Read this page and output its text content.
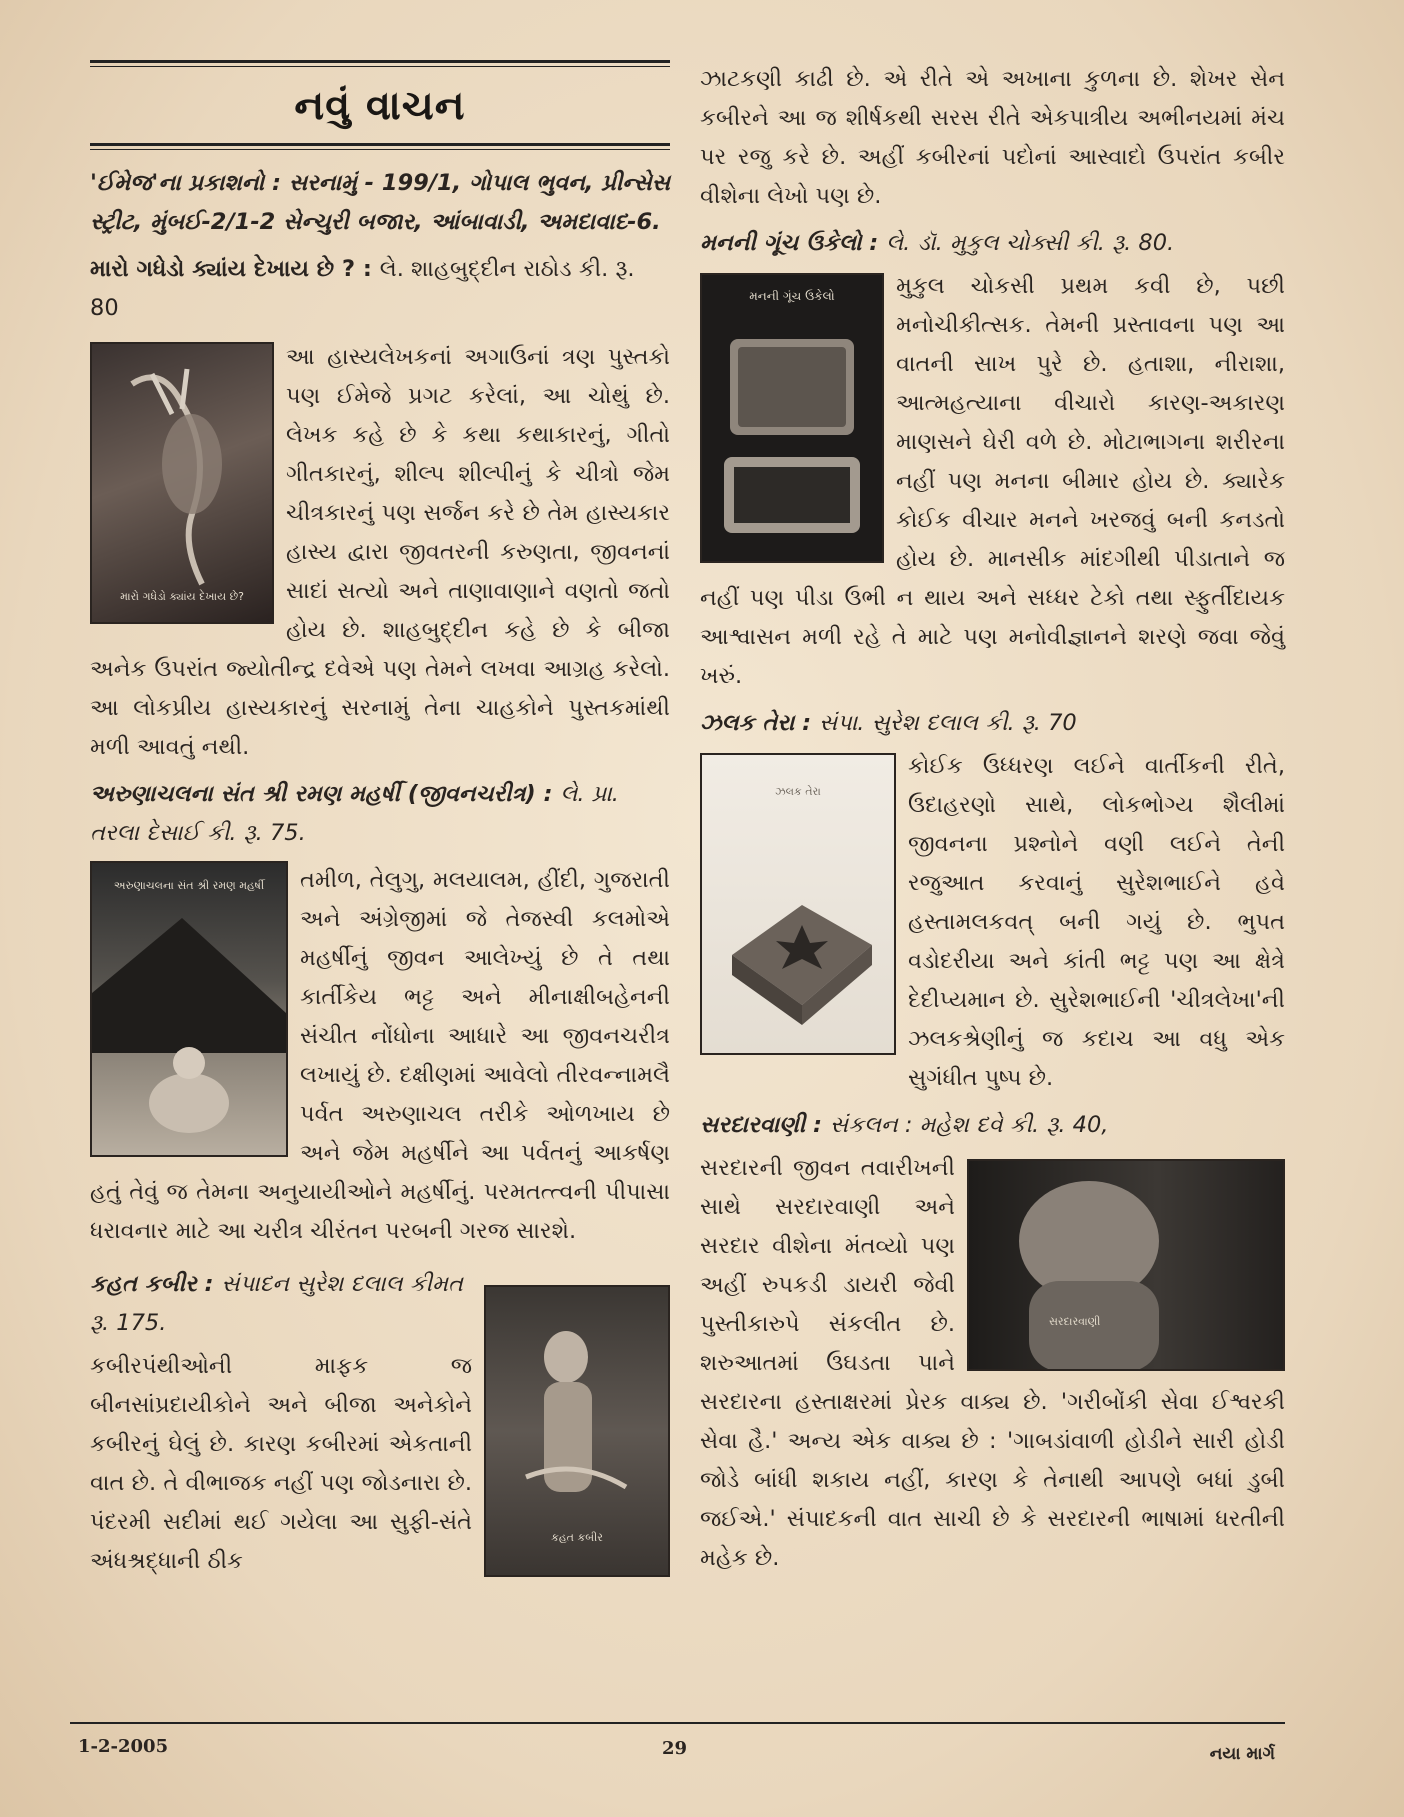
નવું વાચન

'ઈમેજ'ના પ્રકાશનો : સરનામું - 199/1, ગોપાલ ભુવન, પ્રીન્સેસ સ્ટ્રીટ, મુંબઈ-2/1-2 સેન્ચુરી બજાર, આંબાવાડી, અમદાવાદ-6.

મારો ગધેડો ક્યાંય દેખાય છે ? : લે. શાહબુદ્દીન રાઠોડ કી. રૂ. 80
મારો ગધેડો ક્યાંય દેખાય છે?

આ હાસ્યલેખકનાં અગાઉનાં ત્રણ પુસ્તકો પણ ઈમેજે પ્રગટ કરેલાં, આ ચોથું છે. લેખક કહે છે કે કથા કથાકારનું, ગીતો ગીતકારનું, શીલ્પ શીલ્પીનું કે ચીત્રો જેમ ચીત્રકારનું પણ સર્જન કરે છે તેમ હાસ્યકાર હાસ્ય દ્વારા જીવતરની કરુણતા, જીવનનાં સાદાં સત્યો અને તાણાવાણાને વણતો જતો હોય છે. શાહબુદ્દીન કહે છે કે બીજા અનેક ઉપરાંત જ્યોતીન્દ્ર દવેએ પણ તેમને લખવા આગ્રહ કરેલો. આ લોકપ્રીય હાસ્યકારનું સરનામું તેના ચાહકોને પુસ્તકમાંથી મળી આવતું નથી.

અરુણાચલના સંત શ્રી રમણ મહર્ષી (જીવનચરીત્ર) : લે. પ્રા. તરલા દેસાઈ કી. રૂ. 75.
અરુણાચલના સંત શ્રી રમણ મહર્ષી	તમીળ, તેલુગુ, મલયાલમ, હીંદી, ગુજરાતી અને અંગ્રેજીમાં જે તેજસ્વી કલમોએ મહર્ષીનું જીવન આલેખ્યું છે તે તથા કાર્તીકેય ભટ્ટ અને મીનાક્ષીબહેનની સંચીત નોંધોના આધારે આ જીવનચરીત્ર લખાયું છે. દક્ષીણમાં આવેલો તીરવન્નામલૈ પર્વત અરુણાચલ તરીકે ઓળખાય છે અને જેમ મહર્ષીને આ પર્વતનું આકર્ષણ હતું તેવું જ તેમના અનુયાયીઓને મહર્ષીનું. પરમતત્ત્વની પીપાસા ધરાવનાર માટે આ ચરીત્ર ચીરંતન પરબની ગરજ સારશે.

કહત કબીર : સંપાદન સુરેશ દલાલ કીમત રૂ. 175.
કહત કબીર

કબીરપંથીઓની માફક જ બીનસાંપ્રદાયીકોને અને બીજા અનેકોને કબીરનું ઘેલું છે. કારણ કબીરમાં એકતાની વાત છે. તે વીભાજક નહીં પણ જોડનારા છે. પંદરમી સદીમાં થઈ ગયેલા આ સુફી-સંતે અંધશ્રદ્ધાની ઠીક

ઝાટકણી કાઢી છે. એ રીતે એ અખાના કુળના છે. શેખર સેન કબીરને આ જ શીર્ષકથી સરસ રીતે એકપાત્રીય અભીનયમાં મંચ પર રજુ કરે છે. અહીં કબીરનાં પદોનાં આસ્વાદો ઉપરાંત કબીર વીશેના લેખો પણ છે.

મનની ગૂંચ ઉકેલો : લે. ડૉ. મુકુલ ચોક્સી કી. રૂ. 80.
મનની ગૂંચ ઉકેલો	મુકુલ ચોકસી પ્રથમ કવી છે, પછી મનોચીકીત્સક. તેમની પ્રસ્તાવના પણ આ વાતની સાખ પુરે છે. હતાશા, નીરાશા, આત્મહત્યાના વીચારો કારણ-અકારણ માણસને ઘેરી વળે છે. મોટાભાગના શરીરના નહીં પણ મનના બીમાર હોય છે. ક્યારેક કોઈક વીચાર મનને ખરજવું બની કનડતો હોય છે. માનસીક માંદગીથી પીડાતાને જ નહીં પણ પીડા ઉભી ન થાય અને સધ્ધર ટેકો તથા સ્ફુર્તીદાયક આશ્વાસન મળી રહે તે માટે પણ મનોવીજ્ઞાનને શરણે જવા જેવું ખરું.

ઝલક તેરા : સંપા. સુરેશ દલાલ કી. રૂ. 70
ઝલક તેરા

કોઈક ઉધ્ધરણ લઈને વાર્તીકની રીતે, ઉદાહરણો સાથે, લોકભોગ્ય શૈલીમાં જીવનના પ્રશ્નોને વણી લઈને તેની રજુઆત કરવાનું સુરેશભાઈને હવે હસ્તામલકવત્ બની ગયું છે. ભુપત વડોદરીયા અને કાંતી ભટ્ટ પણ આ ક્ષેત્રે દેદીપ્યમાન છે. સુરેશભાઈની 'ચીત્રલેખા'ની ઝલકશ્રેણીનું જ કદાચ આ વધુ એક સુગંધીત પુષ્પ છે.

સરદારવાણી : સંકલન : મહેશ દવે કી. રૂ. 40,
સરદારવાણી

સરદારની જીવન તવારીખની સાથે સરદારવાણી અને સરદાર વીશેના મંતવ્યો પણ અહીં રુપકડી ડાયરી જેવી પુસ્તીકારુપે સંકલીત છે. શરુઆતમાં ઉઘડતા પાને સરદારના હસ્તાક્ષરમાં પ્રેરક વાક્ય છે. 'ગરીબોંકી સેવા ઈશ્વરકી સેવા હૈ.' અન્ય એક વાક્ય છે : 'ગાબડાંવાળી હોડીને સારી હોડી જોડે બાંધી શકાય નહીં, કારણ કે તેનાથી આપણે બધાં ડુબી જઈએ.' સંપાદકની વાત સાચી છે કે સરદારની ભાષામાં ધરતીની મહેક છે.

1-2-2005	29	નયા માર્ગ
